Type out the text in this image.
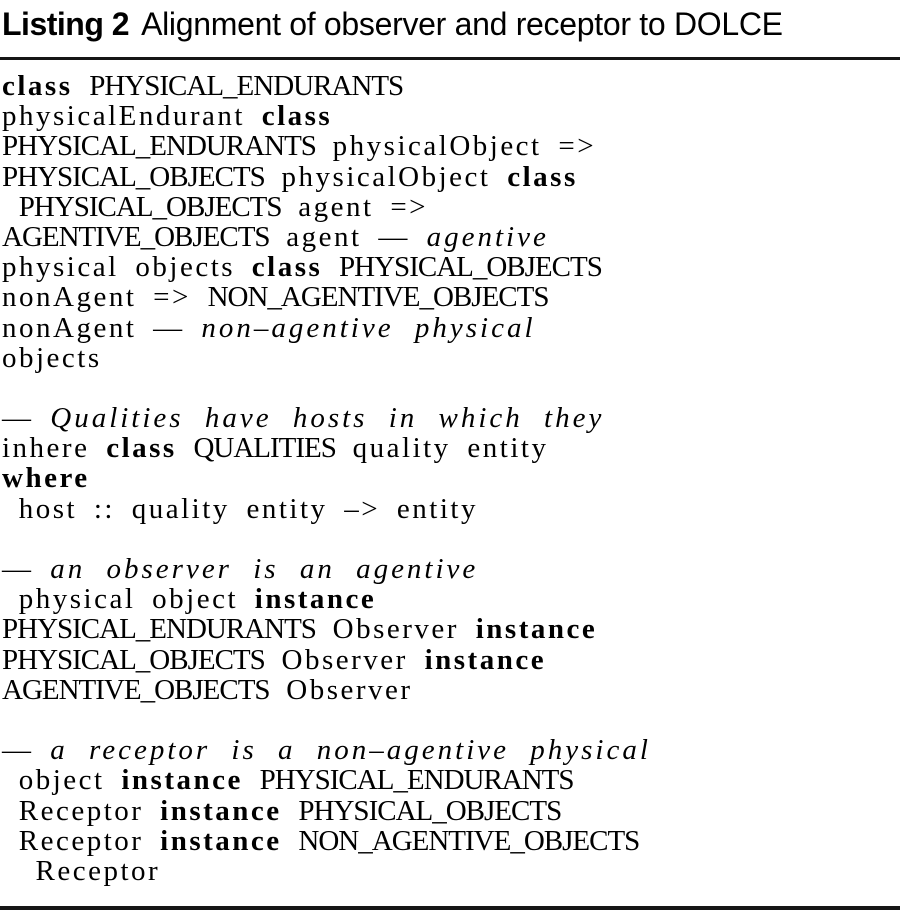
Listing 2 Alignment of observer and receptor to DOLCE
class PHYSICAL_ENDURANTS
physicalEndurant class
PHYSICAL_ENDURANTS physicalObject =>
PHYSICAL_OBJECTS physicalObject class
PHYSICAL_OBJECTS agent =>
AGENTIVE_OBJECTS agent — agentive
physical objects class PHYSICAL_OBJECTS
nonAgent => NON_AGENTIVE_OBJECTS
nonAgent — non–agentive physical
objects
— Qualities have hosts in which they
inhere class QUALITIES quality entity
where
host :: quality entity –> entity
— an observer is an agentive
physical object instance
PHYSICAL_ENDURANTS Observer instance
PHYSICAL_OBJECTS Observer instance
AGENTIVE_OBJECTS Observer
— a receptor is a non–agentive physical
object instance PHYSICAL_ENDURANTS
Receptor instance PHYSICAL_OBJECTS
Receptor instance NON_AGENTIVE_OBJECTS
Receptor
